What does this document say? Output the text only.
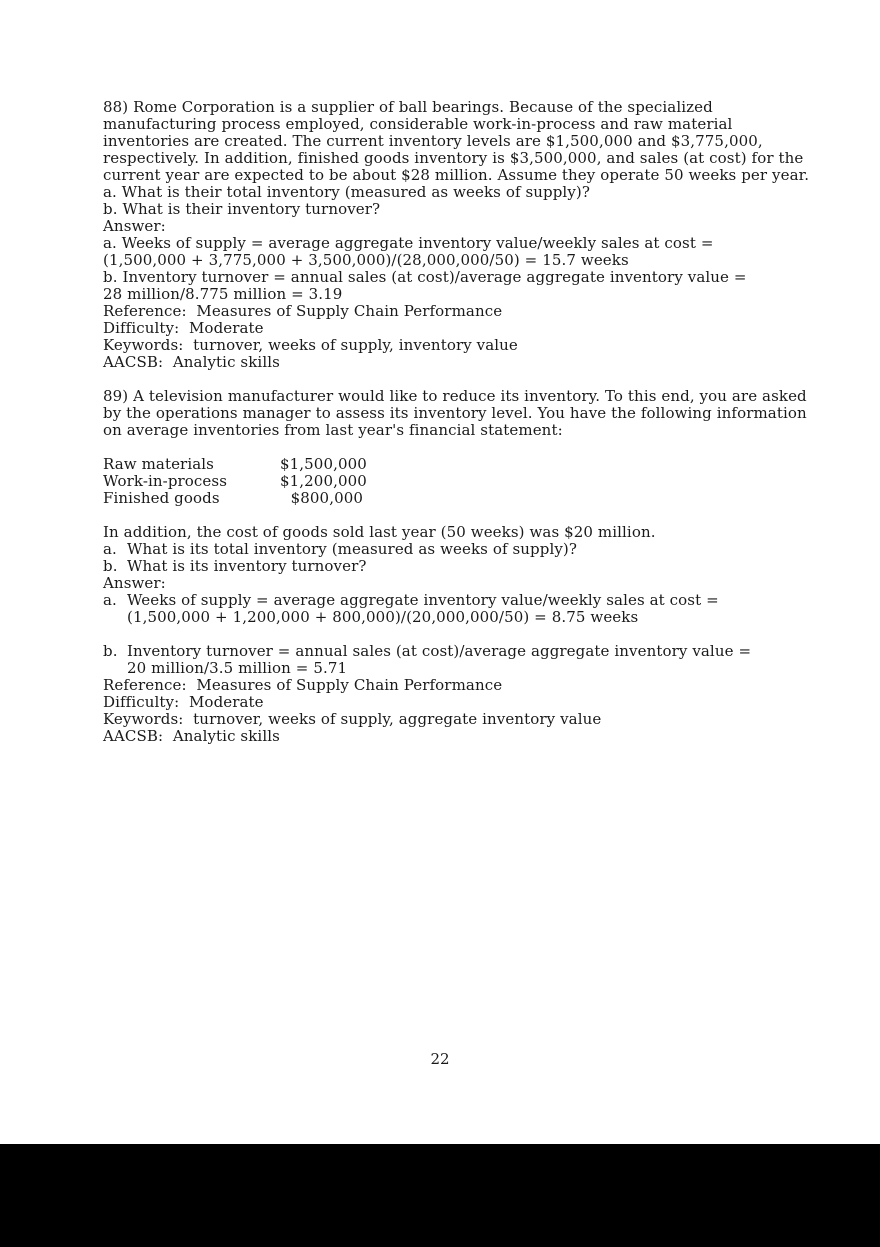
88) Rome Corporation is a supplier of ball bearings. Because of the specialized
manufacturing process employed, considerable work-in-process and raw material
inventories are created. The current inventory levels are $1,500,000 and $3,775,000,
respectively. In addition, finished goods inventory is $3,500,000, and sales (at cost) for the
current year are expected to be about $28 million. Assume they operate 50 weeks per year.
a. What is their total inventory (measured as weeks of supply)?
b. What is their inventory turnover?
Answer:
a. Weeks of supply = average aggregate inventory value/weekly sales at cost =
(1,500,000 + 3,775,000 + 3,500,000)/(28,000,000/50) = 15.7 weeks
b. Inventory turnover = annual sales (at cost)/average aggregate inventory value =
28 million/8.775 million = 3.19
Reference:  Measures of Supply Chain Performance
Difficulty:  Moderate
Keywords:  turnover, weeks of supply, inventory value
AACSB:  Analytic skills
89) A television manufacturer would like to reduce its inventory. To this end, you are asked
by the operations manager to assess its inventory level. You have the following information
on average inventories from last year's financial statement:
Raw materials	$1,500,000
Work-in-process	$1,200,000
Finished goods	$800,000
In addition, the cost of goods sold last year (50 weeks) was $20 million.
a. What is its total inventory (measured as weeks of supply)?
b. What is its inventory turnover?
Answer:
a. Weeks of supply = average aggregate inventory value/weekly sales at cost =
(1,500,000 + 1,200,000 + 800,000)/(20,000,000/50) = 8.75 weeks
b. Inventory turnover = annual sales (at cost)/average aggregate inventory value =
20 million/3.5 million = 5.71
Reference:  Measures of Supply Chain Performance
Difficulty:  Moderate
Keywords:  turnover, weeks of supply, aggregate inventory value
AACSB:  Analytic skills
22
